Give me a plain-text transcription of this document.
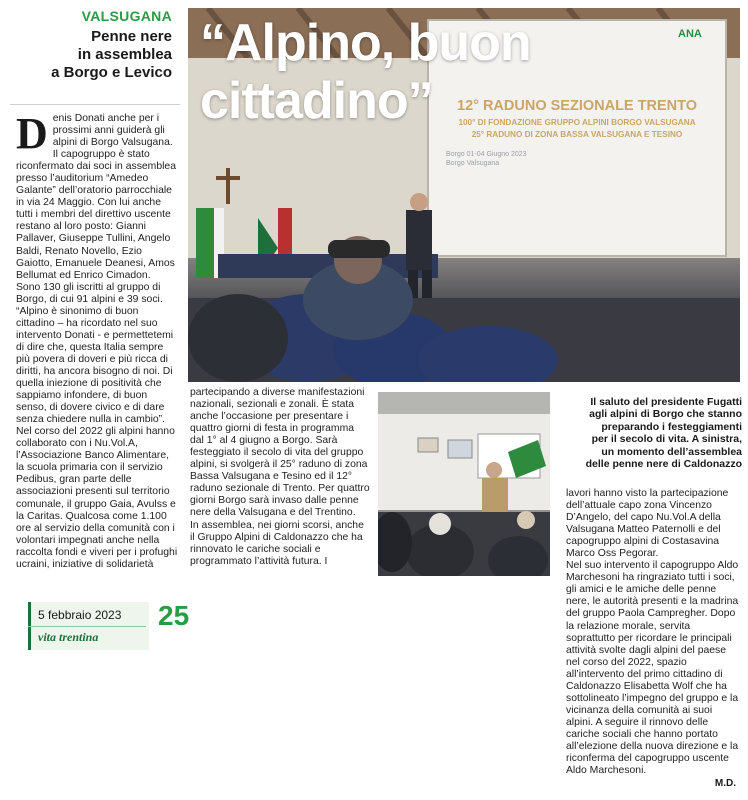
VALSUGANA
Penne nere
in assemblea
a Borgo e Levico
12° RADUNO SEZIONALE TRENTO
100° DI FONDAZIONE GRUPPO ALPINI BORGO VALSUGANA
25° RADUNO DI ZONA BASSA VALSUGANA E TESINO
Borgo 01-04 Giugno 2023
Borgo Valsugana
ANA
“Alpino, buon
cittadino”
D enis Donati anche per i prossimi anni guiderà gli alpini di Borgo Valsugana. Il capogruppo è stato riconfermato dai soci in assemblea presso l’auditorium “Amedeo Galante” dell’oratorio parrocchiale in via 24 Maggio. Con lui anche tutti i membri del direttivo uscente restano al loro posto: Gianni Pallaver, Giuseppe Tullini, Angelo Baldi, Renato Novello, Ezio Gaiotto, Emanuele Deanesi, Amos Bellumat ed Enrico Cimadon.
Sono 130 gli iscritti al gruppo di Borgo, di cui 91 alpini e 39 soci. “Alpino è sinonimo di buon cittadino – ha ricordato nel suo intervento Donati - e permettetemi di dire che, questa Italia sempre più povera di doveri e più ricca di diritti, ha ancora bisogno di noi. Di quella iniezione di positività che sappiamo infondere, di buon senso, di dovere civico e di dare senza chiedere nulla in cambio”.
Nel corso del 2022 gli alpini hanno collaborato con i Nu.Vol.A, l’Associazione Banco Alimentare, la scuola primaria con il servizio Pedibus, gran parte delle associazioni presenti sul territorio comunale, il gruppo Gaia, Avulss e la Caritas. Qualcosa come 1.100 ore al servizio della comunità con i volontari impegnati anche nella raccolta fondi e viveri per i profughi ucraini, iniziative di solidarietà
partecipando a diverse manifestazioni nazionali, sezionali e zonali. È stata anche l’occasione per presentare i quattro giorni di festa in programma dal 1° al 4 giugno a Borgo. Sarà festeggiato il secolo di vita del gruppo alpini, si svolgerà il 25° raduno di zona Bassa Valsugana e Tesino ed il 12° raduno sezionale di Trento. Per quattro giorni Borgo sarà invaso dalle penne nere della Valsugana e del Trentino.
In assemblea, nei giorni scorsi, anche il Gruppo Alpini di Caldonazzo che ha rinnovato le cariche sociali e programmato l’attività futura. I
Il saluto del presidente Fugatti
agli alpini di Borgo che stanno
preparando i festeggiamenti
per il secolo di vita. A sinistra,
un momento dell’assemblea
delle penne nere di Caldonazzo
lavori hanno visto la partecipazione dell’attuale capo zona Vincenzo D’Angelo, del capo Nu.Vol.A della Valsugana Matteo Paternolli e del capogruppo alpini di Costasavina Marco Oss Pegorar.
Nel suo intervento il capogruppo Aldo Marchesoni ha ringraziato tutti i soci, gli amici e le amiche delle penne nere, le autorità presenti e la madrina del gruppo Paola Campregher. Dopo la relazione morale, servita soprattutto per ricordare le principali attività svolte dagli alpini del paese nel corso del 2022, spazio all’intervento del primo cittadino di Caldonazzo Elisabetta Wolf che ha sottolineato l’impegno del gruppo e la vicinanza della comunità ai suoi alpini. A seguire il rinnovo delle cariche sociali che hanno portato all’elezione della nuova direzione e la riconferma del capogruppo uscente Aldo Marchesoni.
M.D.
5 febbraio 2023
vita trentina
25
